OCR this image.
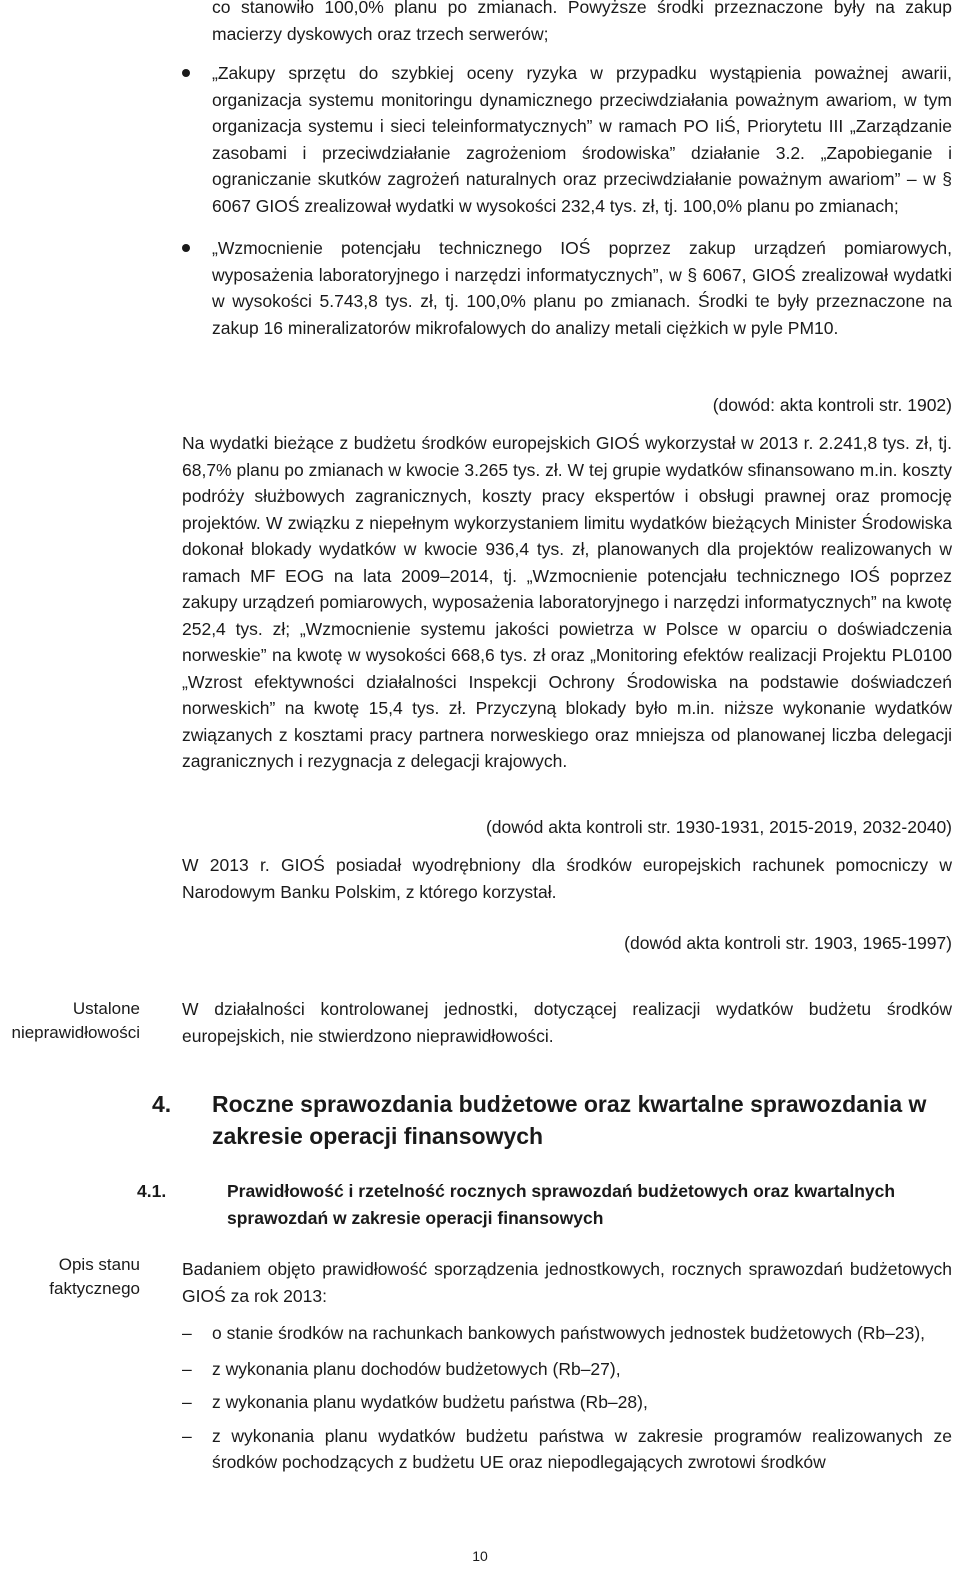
co stanowiło 100,0% planu po zmianach. Powyższe środki przeznaczone były na zakup macierzy dyskowych oraz trzech serwerów;
„Zakupy sprzętu do szybkiej oceny ryzyka w przypadku wystąpienia poważnej awarii, organizacja systemu monitoringu dynamicznego przeciwdziałania poważnym awariom, w tym organizacja systemu i sieci teleinformatycznych” w ramach PO IiŚ, Priorytetu III „Zarządzanie zasobami i przeciwdziałanie zagrożeniom środowiska” działanie 3.2. „Zapobieganie i ograniczanie skutków zagrożeń naturalnych oraz przeciwdziałanie poważnym awariom” – w § 6067 GIOŚ zrealizował wydatki w wysokości 232,4 tys. zł, tj. 100,0% planu po zmianach;
„Wzmocnienie potencjału technicznego IOŚ poprzez zakup urządzeń pomiarowych, wyposażenia laboratoryjnego i narzędzi informatycznych”, w § 6067, GIOŚ zrealizował wydatki w wysokości 5.743,8 tys. zł, tj. 100,0% planu po zmianach. Środki te były przeznaczone na zakup 16 mineralizatorów mikrofalowych do analizy metali ciężkich w pyle PM10.
(dowód: akta kontroli str. 1902)
Na wydatki bieżące z budżetu środków europejskich GIOŚ wykorzystał w 2013 r. 2.241,8 tys. zł, tj. 68,7% planu po zmianach w kwocie 3.265 tys. zł. W tej grupie wydatków sfinansowano m.in. koszty podróży służbowych zagranicznych, koszty pracy ekspertów i obsługi prawnej oraz promocję projektów. W związku z niepełnym wykorzystaniem limitu wydatków bieżących Minister Środowiska dokonał blokady wydatków w kwocie 936,4 tys. zł, planowanych dla projektów realizowanych w ramach MF EOG na lata 2009–2014, tj. „Wzmocnienie potencjału technicznego IOŚ poprzez zakupy urządzeń pomiarowych, wyposażenia laboratoryjnego i narzędzi informatycznych” na kwotę 252,4 tys. zł; „Wzmocnienie systemu jakości powietrza w Polsce w oparciu o doświadczenia norweskie” na kwotę w wysokości 668,6 tys. zł oraz „Monitoring efektów realizacji Projektu PL0100 „Wzrost efektywności działalności Inspekcji Ochrony Środowiska na podstawie doświadczeń norweskich” na kwotę 15,4 tys. zł. Przyczyną blokady było m.in. niższe wykonanie wydatków związanych z kosztami pracy partnera norweskiego oraz mniejsza od planowanej liczba delegacji zagranicznych i rezygnacja z delegacji krajowych.
(dowód akta kontroli str. 1930-1931, 2015-2019, 2032-2040)
W 2013 r. GIOŚ posiadał wyodrębniony dla środków europejskich rachunek pomocniczy w Narodowym Banku Polskim, z którego korzystał.
(dowód akta kontroli str. 1903, 1965-1997)
Ustalone nieprawidłowości
W działalności kontrolowanej jednostki, dotyczącej realizacji wydatków budżetu środków europejskich, nie stwierdzono nieprawidłowości.
4. Roczne sprawozdania budżetowe oraz kwartalne sprawozdania w zakresie operacji finansowych
4.1.	Prawidłowość i rzetelność rocznych sprawozdań budżetowych oraz kwartalnych sprawozdań w zakresie operacji finansowych
Opis stanu faktycznego
Badaniem objęto prawidłowość sporządzenia jednostkowych, rocznych sprawozdań budżetowych GIOŚ za rok 2013:
– o stanie środków na rachunkach bankowych państwowych jednostek budżetowych (Rb–23),
– z wykonania planu dochodów budżetowych (Rb–27),
– z wykonania planu wydatków budżetu państwa (Rb–28),
– z wykonania planu wydatków budżetu państwa w zakresie programów realizowanych ze środków pochodzących z budżetu UE oraz niepodlegających zwrotowi środków
10
